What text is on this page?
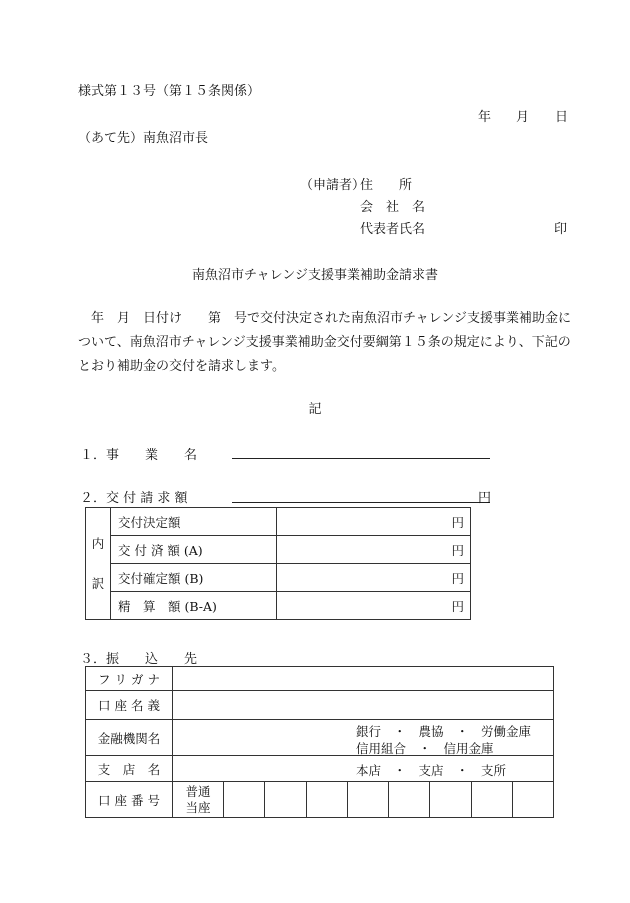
様式第１３号（第１５条関係）
年 月 日
（あて先）南魚沼市長
（申請者）
住　　所
会　社　名
代表者氏名	印
南魚沼市チャレンジ支援事業補助金請求書
　年　月　日付け　　第　号で交付決定された南魚沼市チャレンジ支援事業補助金に
ついて、南魚沼市チャレンジ支援事業補助金交付要綱第１５条の規定により、下記の
とおり補助金の交付を請求します。
記
１．事　　業　　名
２．交 付 請 求 額	円
内
訳	交付決定額	円
	交 付 済 額 (A)	円
	交付確定額 (B)	円
	精　算　額 (B-A)	円
３．振　　込　　先
フ リ ガ ナ									
口 座 名 義									
金融機関名	銀行　・　農協　・　労働金庫
信用組合　・　信用金庫								

支　店　名	本店　・　支店　・　支所								

口 座 番 号	普通
当座								
